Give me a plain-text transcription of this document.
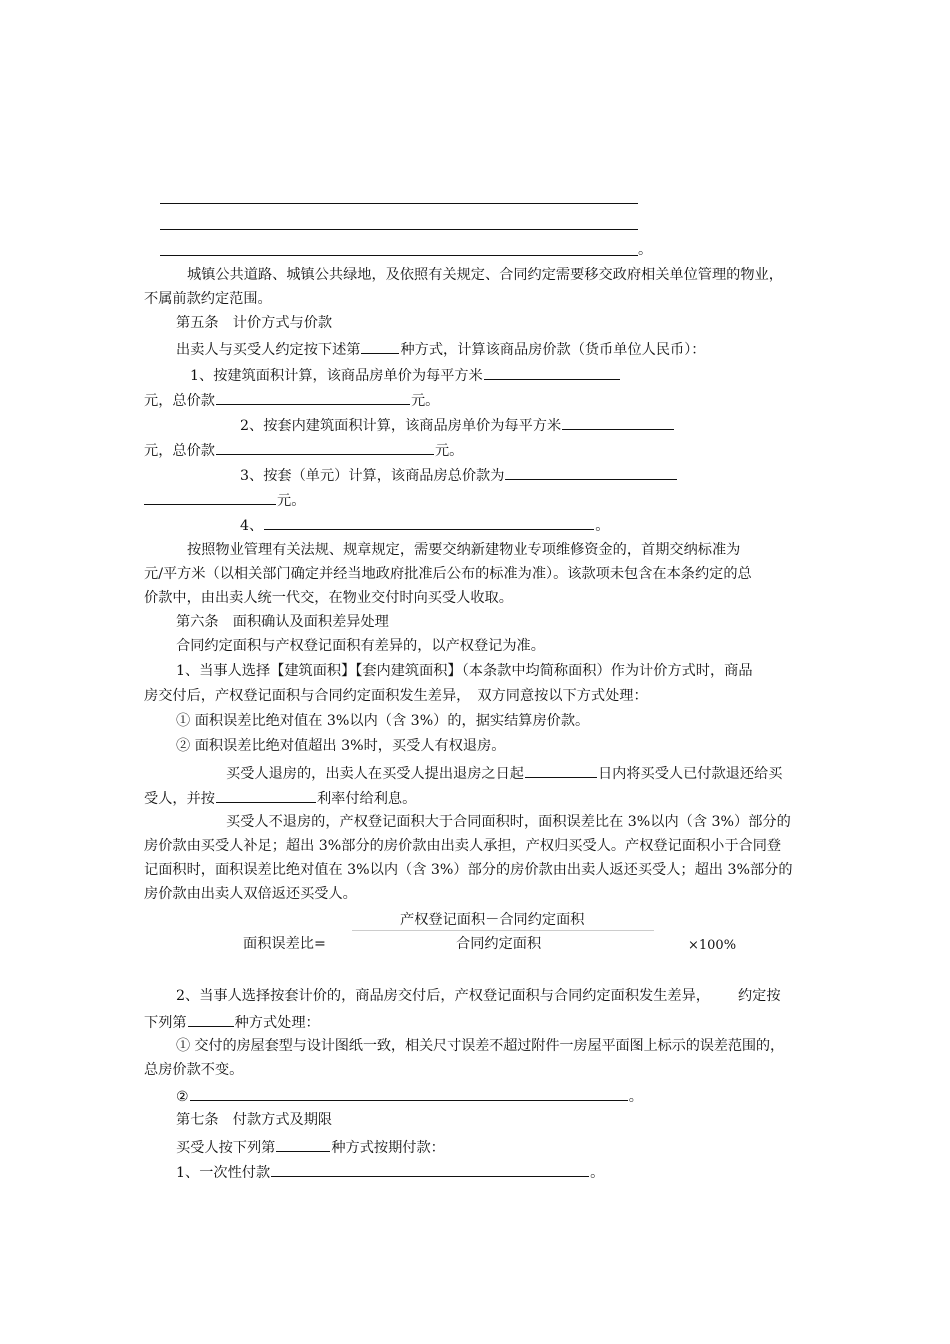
。
城镇公共道路、城镇公共绿地，及依照有关规定、合同约定需要移交政府相关单位管理的物业，
不属前款约定范围。
第五条　计价方式与价款
出卖人与买受人约定按下述第	种方式，计算该商品房价款（货币单位人民币）：
1、按建筑面积计算，该商品房单价为每平方米
元，总价款	元。
2、按套内建筑面积计算，该商品房单价为每平方米
元，总价款	元。
3、按套（单元）计算，该商品房总价款为
元。
4、	。
按照物业管理有关法规、规章规定，需要交纳新建物业专项维修资金的，首期交纳标准为
元/平方米（以相关部门确定并经当地政府批准后公布的标准为准）。该款项未包含在本条约定的总
价款中，由出卖人统一代交，在物业交付时向买受人收取。
第六条　面积确认及面积差异处理
合同约定面积与产权登记面积有差异的，以产权登记为准。
1、当事人选择【建筑面积】【套内建筑面积】（本条款中均简称面积）作为计价方式时，商品
房交付后，产权登记面积与合同约定面积发生差异，　双方同意按以下方式处理：
① 面积误差比绝对值在 3%以内（含 3%）的，据实结算房价款。
② 面积误差比绝对值超出 3%时，买受人有权退房。
买受人退房的，出卖人在买受人提出退房之日起	日内将买受人已付款退还给买
受人，并按	利率付给利息。
买受人不退房的，产权登记面积大于合同面积时，面积误差比在 3%以内（含 3%）部分的
房价款由买受人补足；超出 3%部分的房价款由出卖人承担，产权归买受人。产权登记面积小于合同登
记面积时，面积误差比绝对值在 3%以内（含 3%）部分的房价款由出卖人返还买受人；超出 3%部分的
房价款由出卖人双倍返还买受人。
产权登记面积－合同约定面积
面积误差比=	合同约定面积	×100%
2、当事人选择按套计价的，商品房交付后，产权登记面积与合同约定面积发生差异， 约定按
下列第	种方式处理：
① 交付的房屋套型与设计图纸一致，相关尺寸误差不超过附件一房屋平面图上标示的误差范围的，
总房价款不变。
②	。
第七条　付款方式及期限
买受人按下列第	种方式按期付款：
1、一次性付款	。
